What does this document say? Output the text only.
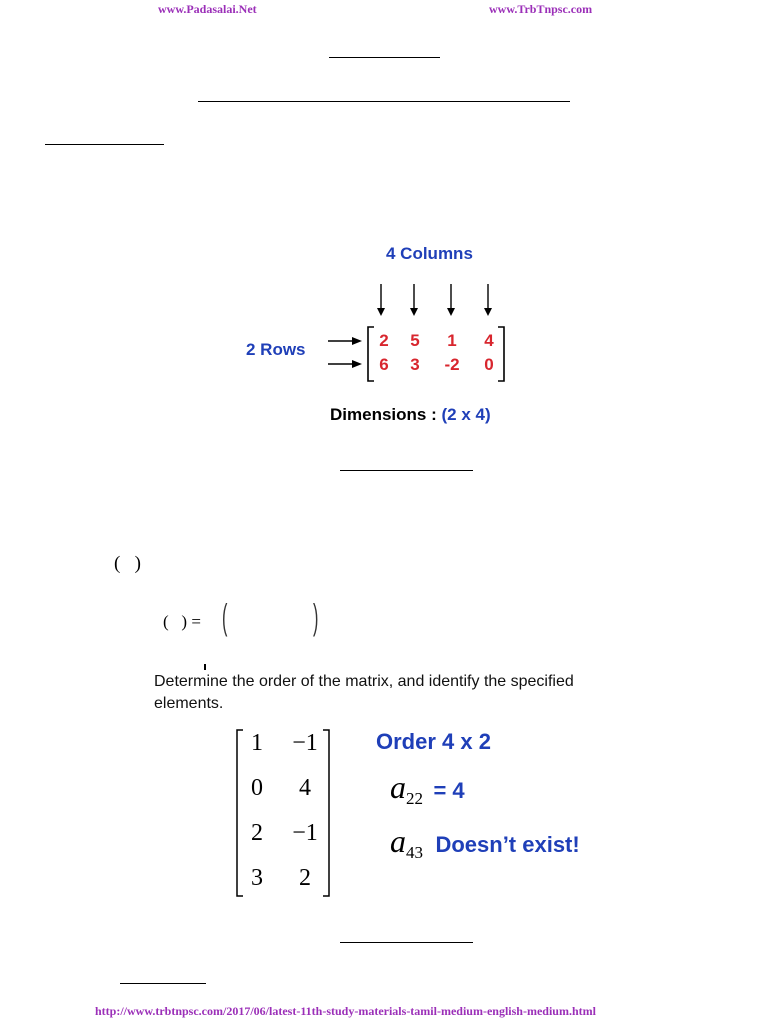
www.Padasalai.Net	www.TrbTnpsc.com
4 Columns
2 Rows	2	5	1	4
6	3	-2	0
Dimensions : (2 x 4)
(   )
(   ) = ( )
Determine the order of the matrix, and identify the specified
elements.
1 −1
0	4
2 −1
3	2
Order 4 x 2
a22 = 4
a43 Doesn’t exist!
http://www.trbtnpsc.com/2017/06/latest-11th-study-materials-tamil-medium-english-medium.html
